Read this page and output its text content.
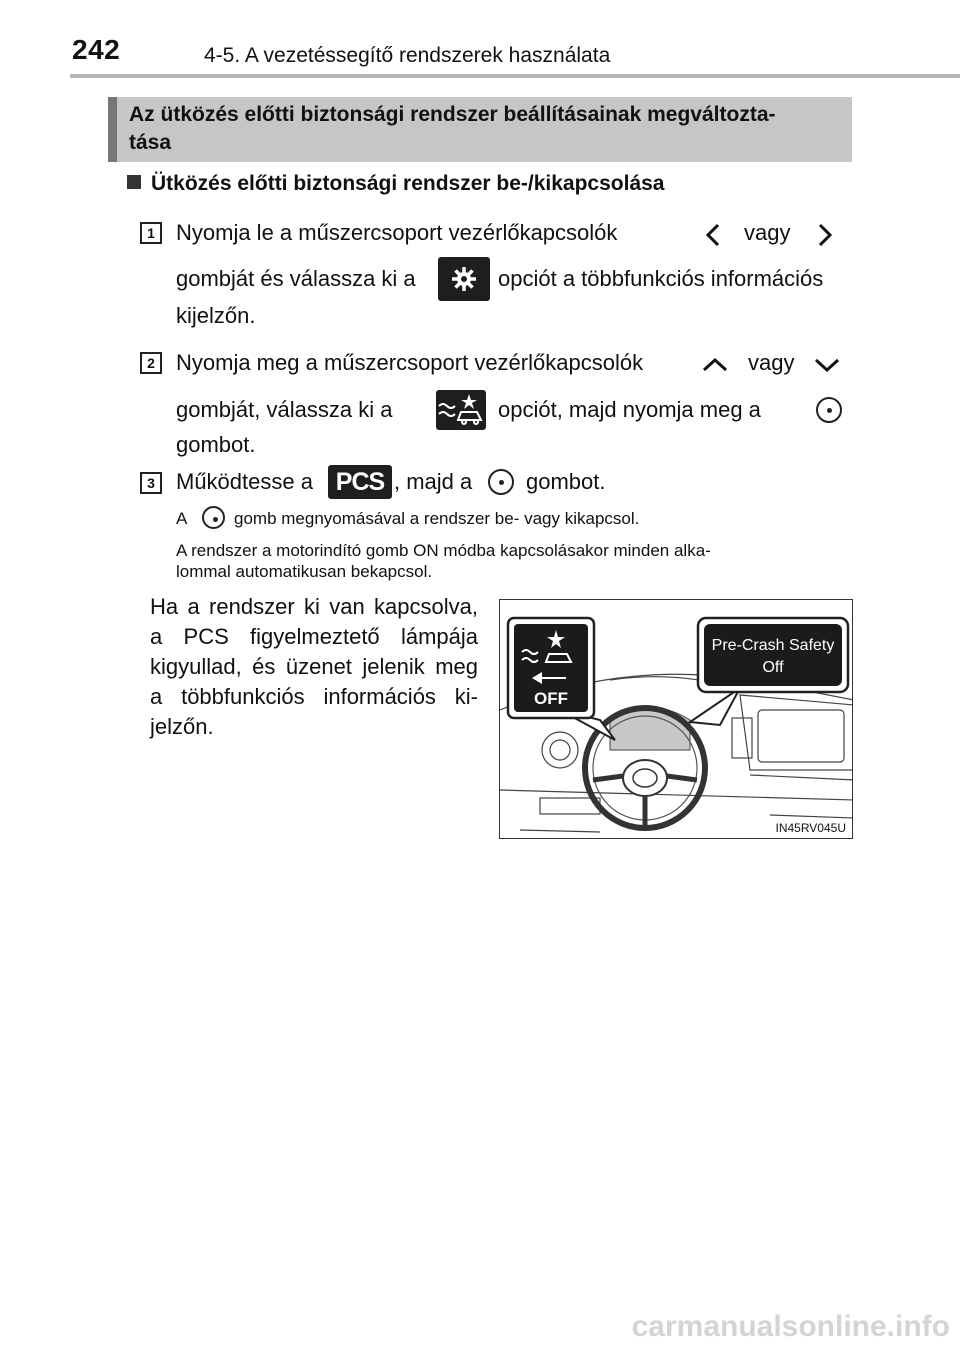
242	4-5. A vezetéssegítő rendszerek használata
Az ütközés előtti biztonsági rendszer beállításainak megváltozta-
tása
Ütközés előtti biztonsági rendszer be-/kikapcsolása
1 Nyomja le a műszercsoport vezérlőkapcsolók	vagy
gombját és válassza ki a	opciót a többfunkciós információs
kijelzőn.
2 Nyomja meg a műszercsoport vezérlőkapcsolók	vagy
gombját, válassza ki a	opciót, majd nyomja meg a
gombot.
3 Működtesse a PCS , majd a gombot.
A	gomb megnyomásával a rendszer be- vagy kikapcsol.
A rendszer a motorindító gomb ON módba kapcsolásakor minden alka-
lommal automatikusan bekapcsol.
Ha a rendszer ki van kapcsolva,
a PCS figyelmeztető lámpája
kigyullad, és üzenet jelenik meg
a többfunkciós információs ki-
jelzőn.
OFF
Pre-Crash Safety
Off
IN45RV045U
carmanualsonline.info
